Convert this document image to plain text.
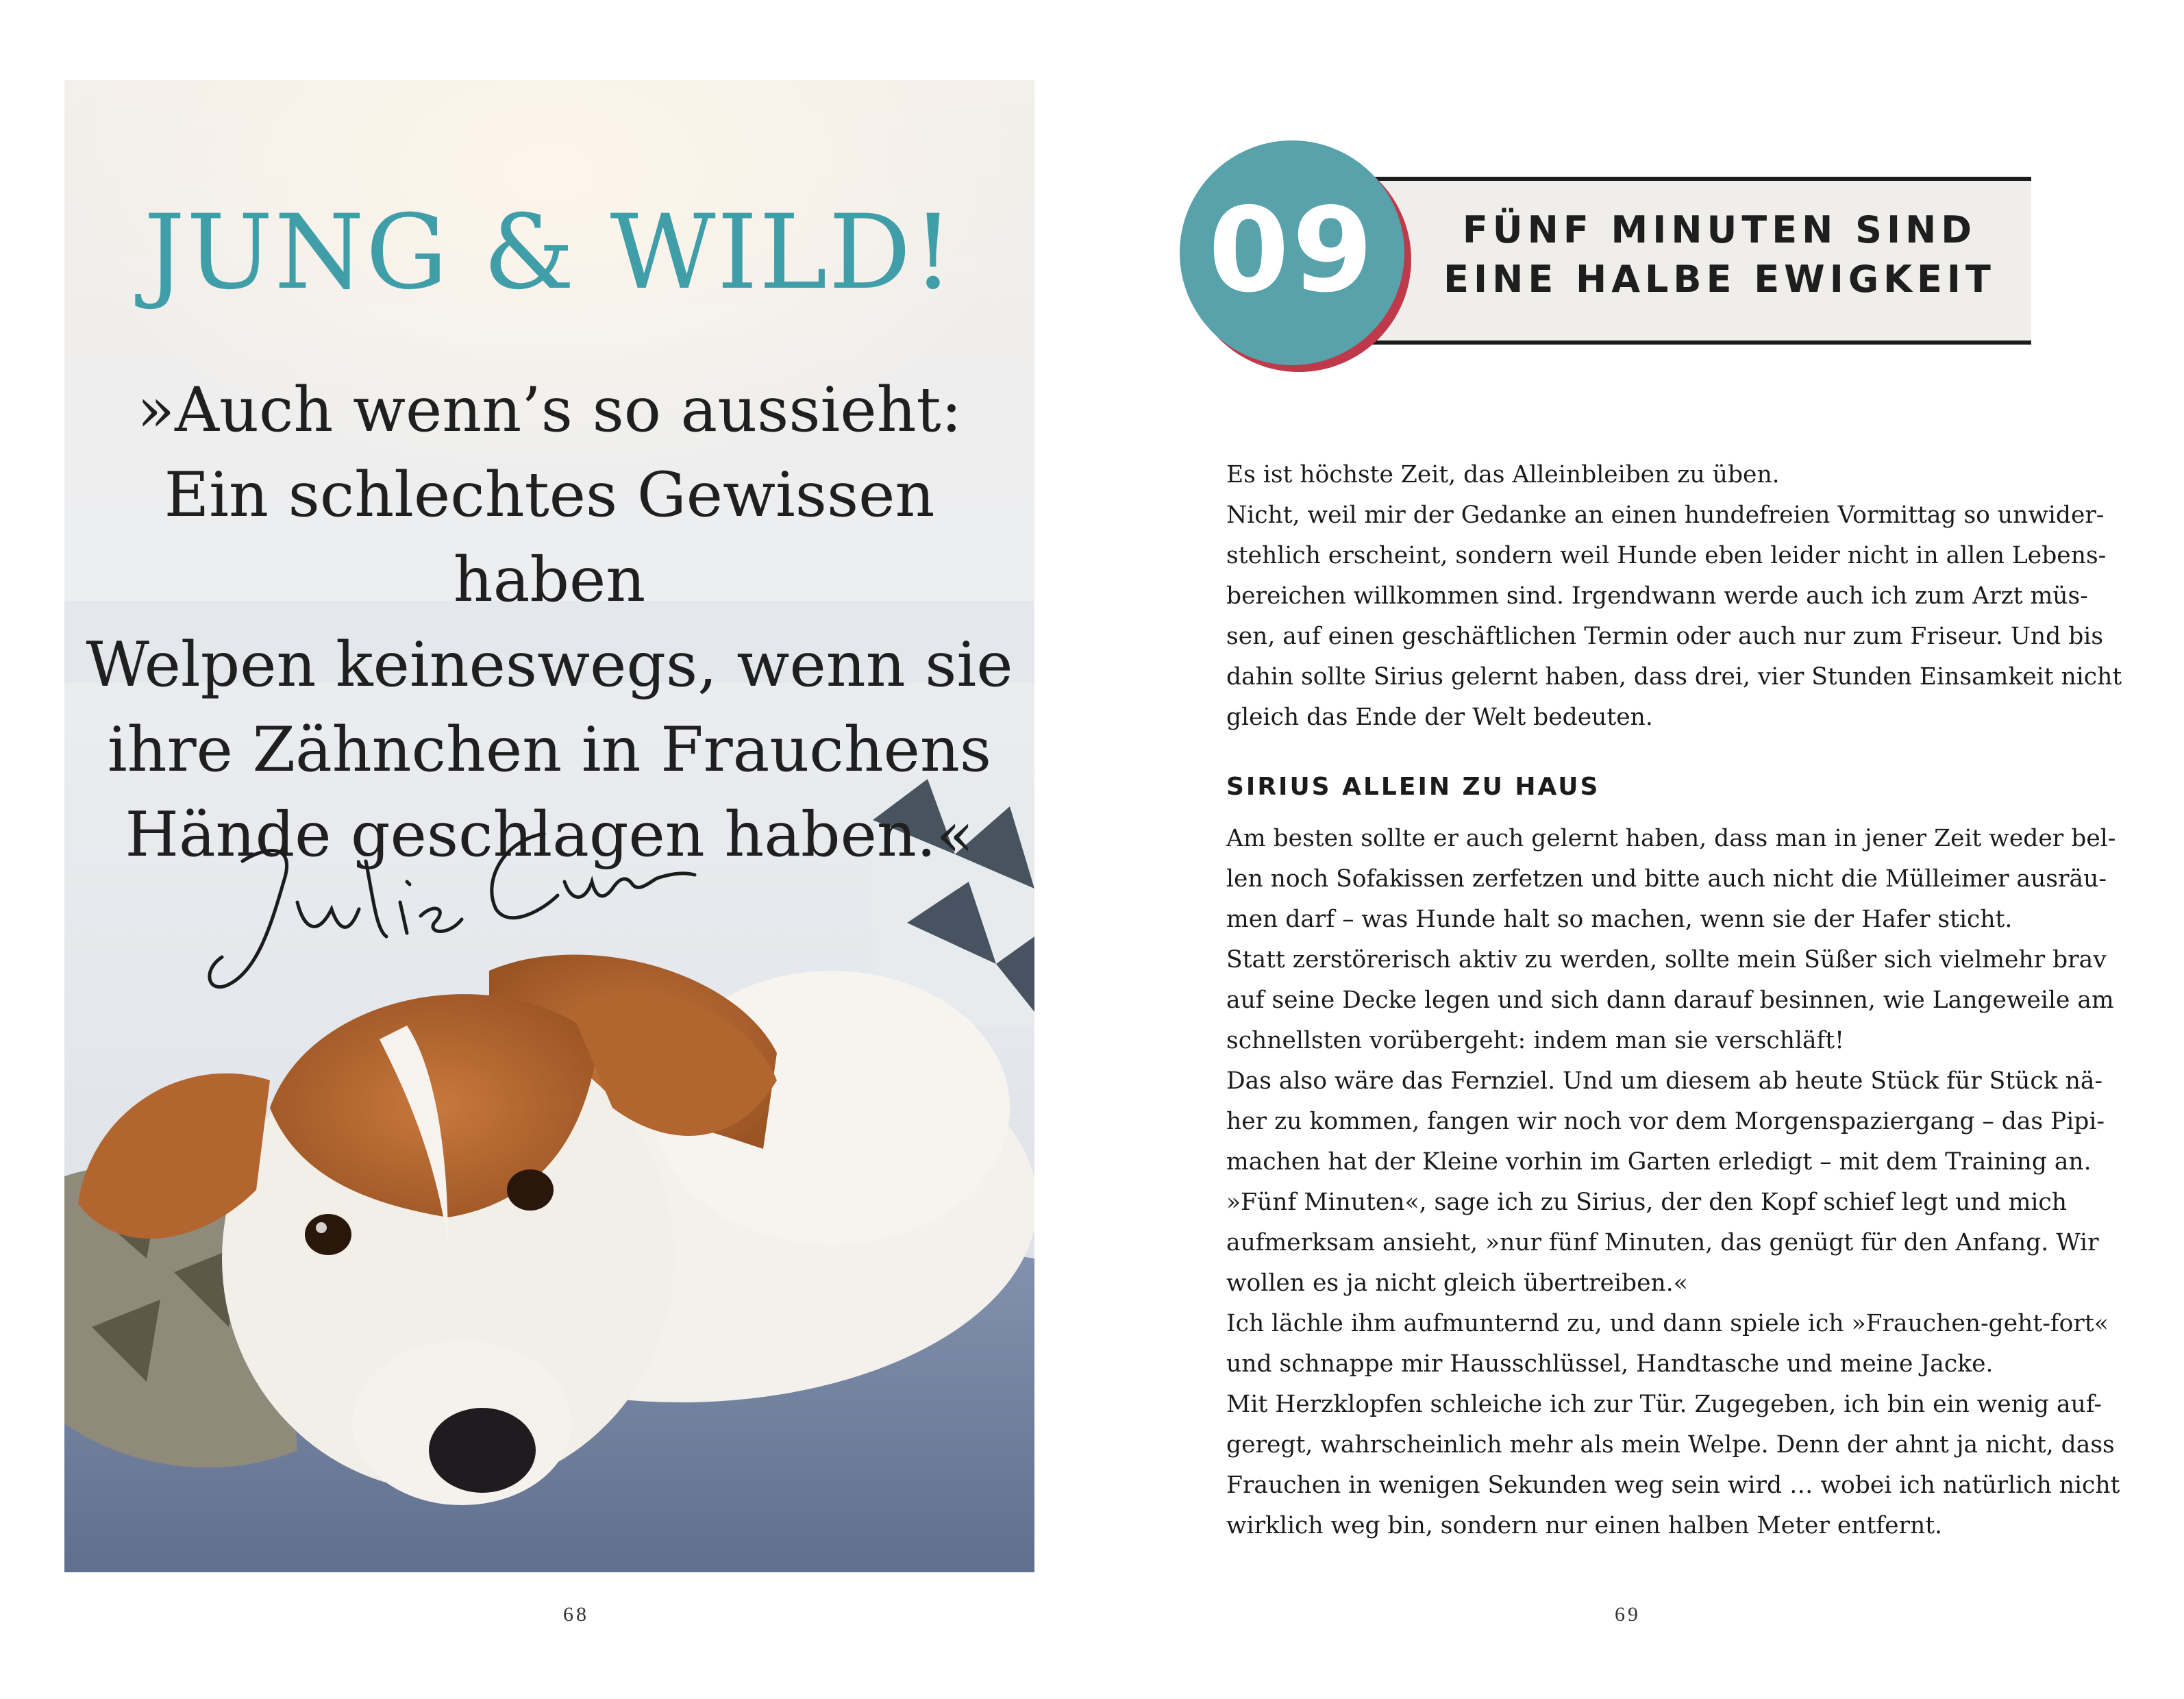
JUNG & WILD!
»Auch wenn’s so aussieht:
Ein schlechtes Gewissen haben
Welpen keineswegs, wenn sie
ihre Zähnchen in Frauchens
Hände geschlagen haben.«
68
09	FÜNF MINUTEN SIND
EINE HALBE EWIGKEIT

Es ist höchste Zeit, das Alleinbleiben zu üben.

Nicht, weil mir der Gedanke an einen hundefreien Vormittag so unwider-

stehlich erscheint, sondern weil Hunde eben leider nicht in allen Lebens-

bereichen willkommen sind. Irgendwann werde auch ich zum Arzt müs-

sen, auf einen geschäftlichen Termin oder auch nur zum Friseur. Und bis

dahin sollte Sirius gelernt haben, dass drei, vier Stunden Einsamkeit nicht

gleich das Ende der Welt bedeuten.

SIRIUS ALLEIN ZU HAUS

Am besten sollte er auch gelernt haben, dass man in jener Zeit weder bel-

len noch Sofakissen zerfetzen und bitte auch nicht die Mülleimer ausräu-

men darf – was Hunde halt so machen, wenn sie der Hafer sticht.

Statt zerstörerisch aktiv zu werden, sollte mein Süßer sich vielmehr brav

auf seine Decke legen und sich dann darauf besinnen, wie Langeweile am

schnellsten vorübergeht: indem man sie verschläft!

Das also wäre das Fernziel. Und um diesem ab heute Stück für Stück nä-

her zu kommen, fangen wir noch vor dem Morgenspaziergang – das Pipi-

machen hat der Kleine vorhin im Garten erledigt – mit dem Training an.

»Fünf Minuten«, sage ich zu Sirius, der den Kopf schief legt und mich

aufmerksam ansieht, »nur fünf Minuten, das genügt für den Anfang. Wir

wollen es ja nicht gleich übertreiben.«

Ich lächle ihm aufmunternd zu, und dann spiele ich »Frauchen-geht-fort«

und schnappe mir Hausschlüssel, Handtasche und meine Jacke.

Mit Herzklopfen schleiche ich zur Tür. Zugegeben, ich bin ein wenig auf-

geregt, wahrscheinlich mehr als mein Welpe. Denn der ahnt ja nicht, dass

Frauchen in wenigen Sekunden weg sein wird … wobei ich natürlich nicht

wirklich weg bin, sondern nur einen halben Meter entfernt.

69
